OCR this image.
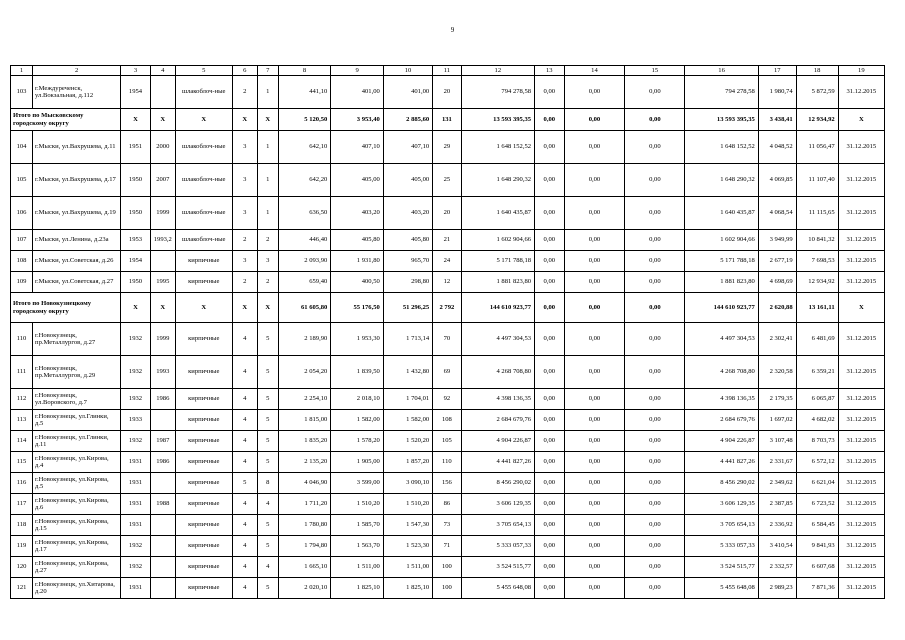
9
1	2	3	4	5	6	7	8	9	10	11	12	13	14	15	16	17	18	19
103	г.Междуреченск, ул.Вокзальная, д.112	1954		шлакоблоч-ные	2	1	441,10	401,00	401,00	20	794 278,58	0,00	0,00	0,00	794 278,58	1 980,74	5 872,59	31.12.2015
Итого по Мысковскому городскому округу		X	X	X	X	X	5 120,50	3 953,40	2 885,60	131	13 593 395,35	0,00	0,00	0,00	13 593 395,35	3 438,41	12 934,92	X
104	г.Мыски, ул.Вахрушева, д.11	1951	2000	шлакоблоч-ные	3	1	642,10	407,10	407,10	29	1 648 152,52	0,00	0,00	0,00	1 648 152,52	4 048,52	11 056,47	31.12.2015
105	г.Мыски, ул.Вахрушева, д.17	1950	2007	шлакоблоч-ные	3	1	642,20	405,00	405,00	25	1 648 290,32	0,00	0,00	0,00	1 648 290,32	4 069,85	11 107,40	31.12.2015
106	г.Мыски, ул.Вахрушева, д.19	1950	1999	шлакоблоч-ные	3	1	636,50	403,20	403,20	20	1 640 435,87	0,00	0,00	0,00	1 640 435,87	4 068,54	11 115,65	31.12.2015
107	г.Мыски, ул.Ленина, д.23а	1953	1993,2	шлакоблоч-ные	2	2	446,40	405,80	405,80	21	1 602 904,66	0,00	0,00	0,00	1 602 904,66	3 949,99	10 841,32	31.12.2015
108	г.Мыски, ул.Советская, д.26	1954		кирпичные	3	3	2 093,90	1 931,80	965,70	24	5 171 788,18	0,00	0,00	0,00	5 171 788,18	2 677,19	7 698,53	31.12.2015
109	г.Мыски, ул.Советская, д.27	1950	1995	кирпичные	2	2	659,40	400,50	298,80	12	1 881 823,80	0,00	0,00	0,00	1 881 823,80	4 698,69	12 934,92	31.12.2015
Итого по Новокузнецкому городскому округу		X	X	X	X	X	61 605,80	55 176,50	51 296,25	2 792	144 610 923,77	0,00	0,00	0,00	144 610 923,77	2 620,88	13 161,11	X
110	г.Новокузнецк, пр.Металлургов, д.27	1932	1999	кирпичные	4	5	2 189,90	1 953,30	1 713,14	70	4 497 304,53	0,00	0,00	0,00	4 497 304,53	2 302,41	6 481,69	31.12.2015
111	г.Новокузнецк, пр.Металлургов, д.29	1932	1993	кирпичные	4	5	2 054,20	1 839,50	1 432,80	69	4 268 708,80	0,00	0,00	0,00	4 268 708,80	2 320,58	6 359,21	31.12.2015
112	г.Новокузнецк, ул.Воровского, д.7	1932	1986	кирпичные	4	5	2 254,10	2 018,10	1 704,01	92	4 398 136,35	0,00	0,00	0,00	4 398 136,35	2 179,35	6 065,87	31.12.2015
113	г.Новокузнецк, ул.Глинки, д.5	1933		кирпичные	4	5	1 815,00	1 582,00	1 582,00	108	2 684 679,76	0,00	0,00	0,00	2 684 679,76	1 697,02	4 682,02	31.12.2015
114	г.Новокузнецк, ул.Глинки, д.11	1932	1987	кирпичные	4	5	1 835,20	1 578,20	1 520,20	105	4 904 226,87	0,00	0,00	0,00	4 904 226,87	3 107,48	8 703,73	31.12.2015
115	г.Новокузнецк, ул.Кирова, д.4	1931	1986	кирпичные	4	5	2 135,20	1 905,00	1 857,20	110	4 441 827,26	0,00	0,00	0,00	4 441 827,26	2 331,67	6 572,12	31.12.2015
116	г.Новокузнецк, ул.Кирова, д.5	1931		кирпичные	5	8	4 046,90	3 599,00	3 090,10	156	8 456 290,02	0,00	0,00	0,00	8 456 290,02	2 349,62	6 621,04	31.12.2015
117	г.Новокузнецк, ул.Кирова, д.6	1931	1988	кирпичные	4	4	1 711,20	1 510,20	1 510,20	86	3 606 129,35	0,00	0,00	0,00	3 606 129,35	2 387,85	6 723,52	31.12.2015
118	г.Новокузнецк, ул.Кирова, д.15	1931		кирпичные	4	5	1 780,80	1 585,70	1 547,30	73	3 705 654,13	0,00	0,00	0,00	3 705 654,13	2 336,92	6 584,45	31.12.2015
119	г.Новокузнецк, ул.Кирова, д.17	1932		кирпичные	4	5	1 794,80	1 563,70	1 523,30	71	5 333 057,33	0,00	0,00	0,00	5 333 057,33	3 410,54	9 841,93	31.12.2015
120	г.Новокузнецк, ул.Кирова, д.27	1932		кирпичные	4	4	1 665,10	1 511,00	1 511,00	100	3 524 515,77	0,00	0,00	0,00	3 524 515,77	2 332,57	6 607,68	31.12.2015
121	г.Новокузнецк, ул.Хитарова, д.20	1931		кирпичные	4	5	2 020,10	1 825,10	1 825,10	100	5 455 648,08	0,00	0,00	0,00	5 455 648,08	2 989,23	7 871,36	31.12.2015
